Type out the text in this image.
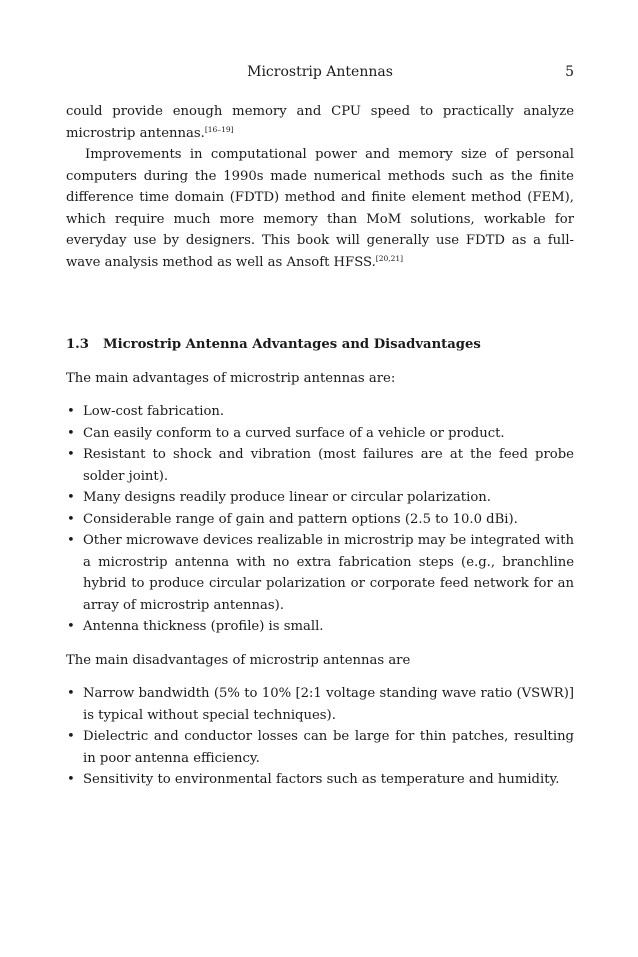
Microstrip Antennas	5

could provide enough memory and CPU speed to practically analyze microstrip antennas.[16–19]

Improvements in computational power and memory size of personal computers during the 1990s made numerical methods such as the finite difference time domain (FDTD) method and finite element method (FEM), which require much more memory than MoM solutions, workable for everyday use by designers. This book will generally use FDTD as a full-wave analysis method as well as Ansoft HFSS.[20,21]

1.3 Microstrip Antenna Advantages and Disadvantages

The main advantages of microstrip antennas are:

• Low-cost fabrication.
• Can easily conform to a curved surface of a vehicle or product.
• Resistant to shock and vibration (most failures are at the feed probe solder joint).
• Many designs readily produce linear or circular polarization.
• Considerable range of gain and pattern options (2.5 to 10.0 dBi).
• Other microwave devices realizable in microstrip may be integrated with a microstrip antenna with no extra fabrication steps (e.g., branchline hybrid to produce circular polarization or corporate feed network for an array of microstrip antennas).
• Antenna thickness (profile) is small.

The main disadvantages of microstrip antennas are

• Narrow bandwidth (5% to 10% [2:1 voltage standing wave ratio (VSWR)] is typical without special techniques).
• Dielectric and conductor losses can be large for thin patches, resulting in poor antenna efficiency.
• Sensitivity to environmental factors such as temperature and humidity.
